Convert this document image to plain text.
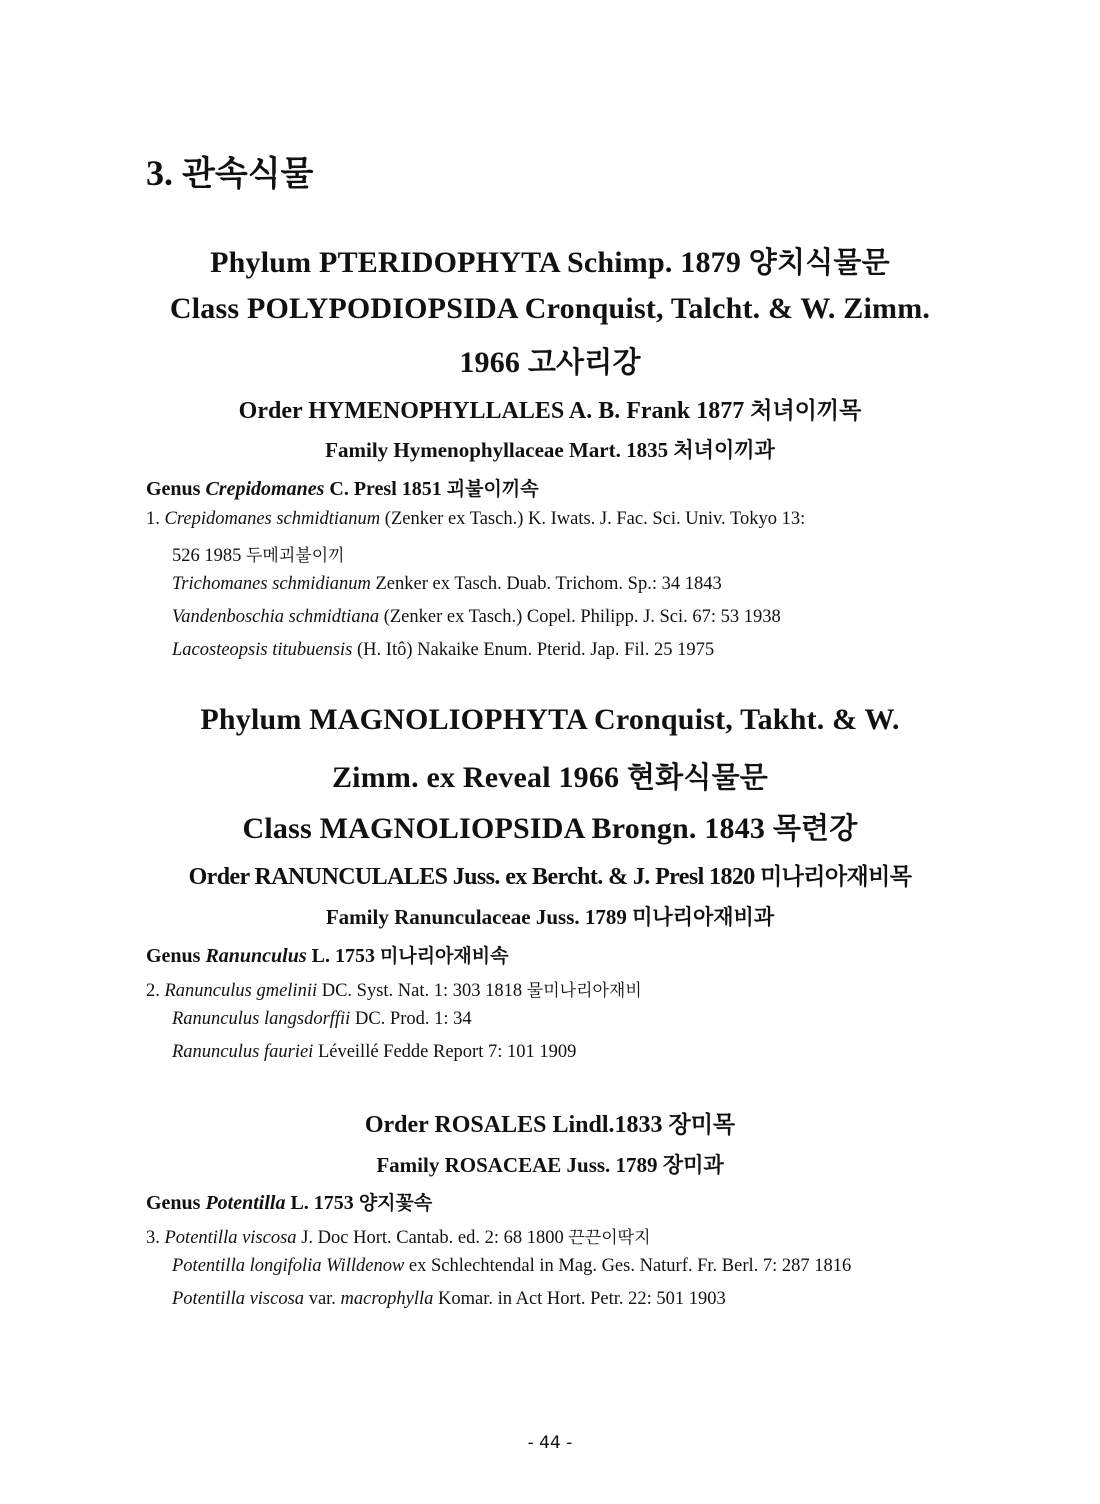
3. 관속식물
Phylum PTERIDOPHYTA Schimp. 1879 양치식물문
Class POLYPODIOPSIDA Cronquist, Talcht. & W. Zimm.
1966 고사리강
Order HYMENOPHYLLALES A. B. Frank 1877 처녀이끼목
Family Hymenophyllaceae Mart. 1835 처녀이끼과
Genus Crepidomanes C. Presl 1851 괴불이끼속
1. Crepidomanes schmidtianum (Zenker ex Tasch.) K. Iwats. J. Fac. Sci. Univ. Tokyo 13:
526 1985 두메괴불이끼
Trichomanes schmidianum Zenker ex Tasch. Duab. Trichom. Sp.: 34 1843
Vandenboschia schmidtiana (Zenker ex Tasch.) Copel. Philipp. J. Sci. 67: 53 1938
Lacosteopsis titubuensis (H. Itô) Nakaike Enum. Pterid. Jap. Fil. 25 1975
Phylum MAGNOLIOPHYTA Cronquist, Takht. & W.
Zimm. ex Reveal 1966 현화식물문
Class MAGNOLIOPSIDA Brongn. 1843 목련강
Order RANUNCULALES Juss. ex Bercht. & J. Presl 1820 미나리아재비목
Family Ranunculaceae Juss. 1789 미나리아재비과
Genus Ranunculus L. 1753 미나리아재비속
2. Ranunculus gmelinii DC. Syst. Nat. 1: 303 1818 물미나리아재비
Ranunculus langsdorffii DC. Prod. 1: 34
Ranunculus fauriei Léveillé Fedde Report 7: 101 1909
Order ROSALES Lindl.1833 장미목
Family ROSACEAE Juss. 1789 장미과
Genus Potentilla L. 1753 양지꽃속
3. Potentilla viscosa J. Doc Hort. Cantab. ed. 2: 68 1800 끈끈이딱지
Potentilla longifolia Willdenow ex Schlechtendal in Mag. Ges. Naturf. Fr. Berl. 7: 287 1816
Potentilla viscosa var. macrophylla Komar. in Act Hort. Petr. 22: 501 1903
- 44 -
